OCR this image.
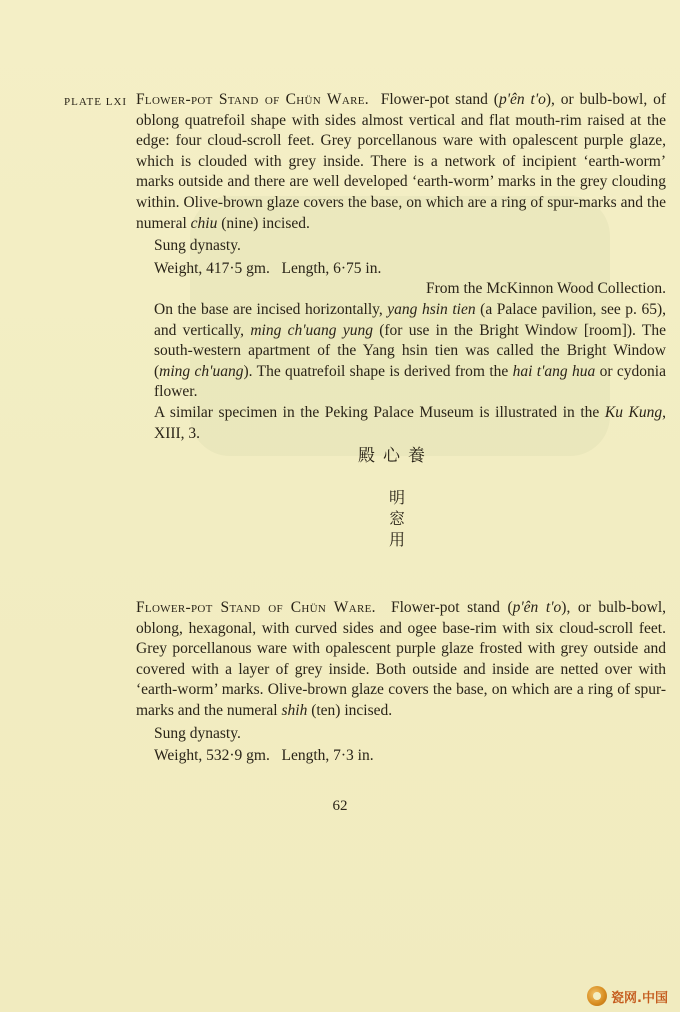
PLATE LXI Flower-pot Stand of Chün Ware. Flower-pot stand (p'ên t'o), or bulb-bowl, of oblong quatrefoil shape with sides almost vertical and flat mouth-rim raised at the edge: four cloud-scroll feet. Grey porcellanous ware with opalescent purple glaze, which is clouded with grey inside. There is a network of incipient ‘earth-worm’ marks outside and there are well developed ‘earth-worm’ marks in the grey clouding within. Olive-brown glaze covers the base, on which are a ring of spur-marks and the numeral chiu (nine) incised.

Sung dynasty.

Weight, 417·5 gm.   Length, 6·75 in.

From the McKinnon Wood Collection.

On the base are incised horizontally, yang hsin tien (a Palace pavilion, see p. 65), and vertically, ming ch'uang yung (for use in the Bright Window [room]). The south-western apartment of the Yang hsin tien was called the Bright Window (ming ch'uang). The quatrefoil shape is derived from the hai t'ang hua or cydonia flower.

A similar specimen in the Peking Palace Museum is illustrated in the Ku Kung, XIII, 3.

殿心養
明
窓
用

Flower-pot Stand of Chün Ware. Flower-pot stand (p'ên t'o), or bulb-bowl, oblong, hexagonal, with curved sides and ogee base-rim with six cloud-scroll feet. Grey porcellanous ware with opalescent purple glaze frosted with grey outside and covered with a layer of grey inside. Both outside and inside are netted over with ‘earth-worm’ marks. Olive-brown glaze covers the base, on which are a ring of spur-marks and the numeral shih (ten) incised.

Sung dynasty.

Weight, 532·9 gm.   Length, 7·3 in.

62
瓷网.中国
